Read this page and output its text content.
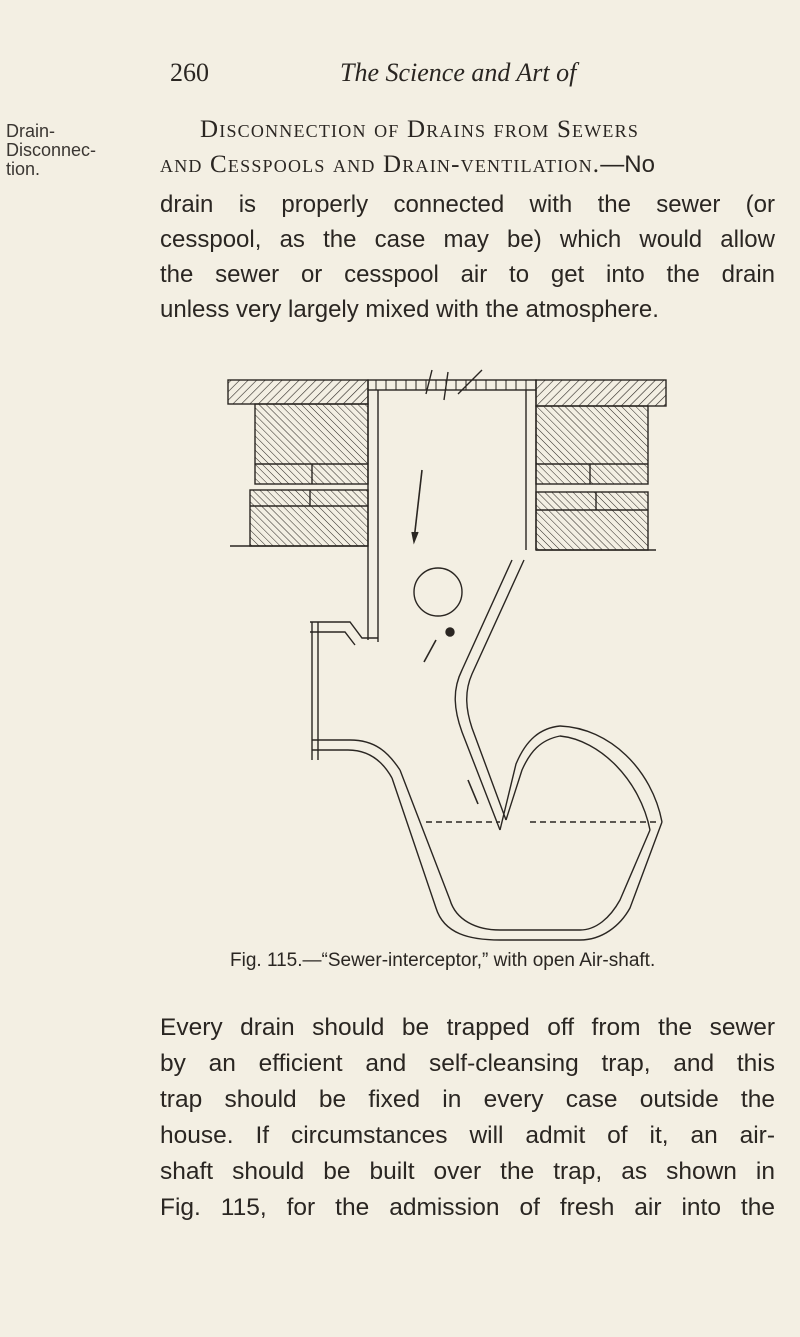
260	The Science and Art of
Drain-
Disconnec-
tion.
Disconnection of Drains from Sewers
and Cesspools and Drain-ventilation.—No
drain is properly connected with the sewer (or
cesspool, as the case may be) which would allow
the sewer or cesspool air to get into the drain
unless very largely mixed with the atmosphere.
Fig. 115.—“Sewer-interceptor,” with open Air-shaft.
Every drain should be trapped off from the sewer
by an efficient and self-cleansing trap, and this
trap should be fixed in every case outside the
house. If circumstances will admit of it, an air-
shaft should be built over the trap, as shown in
Fig. 115, for the admission of fresh air into the
